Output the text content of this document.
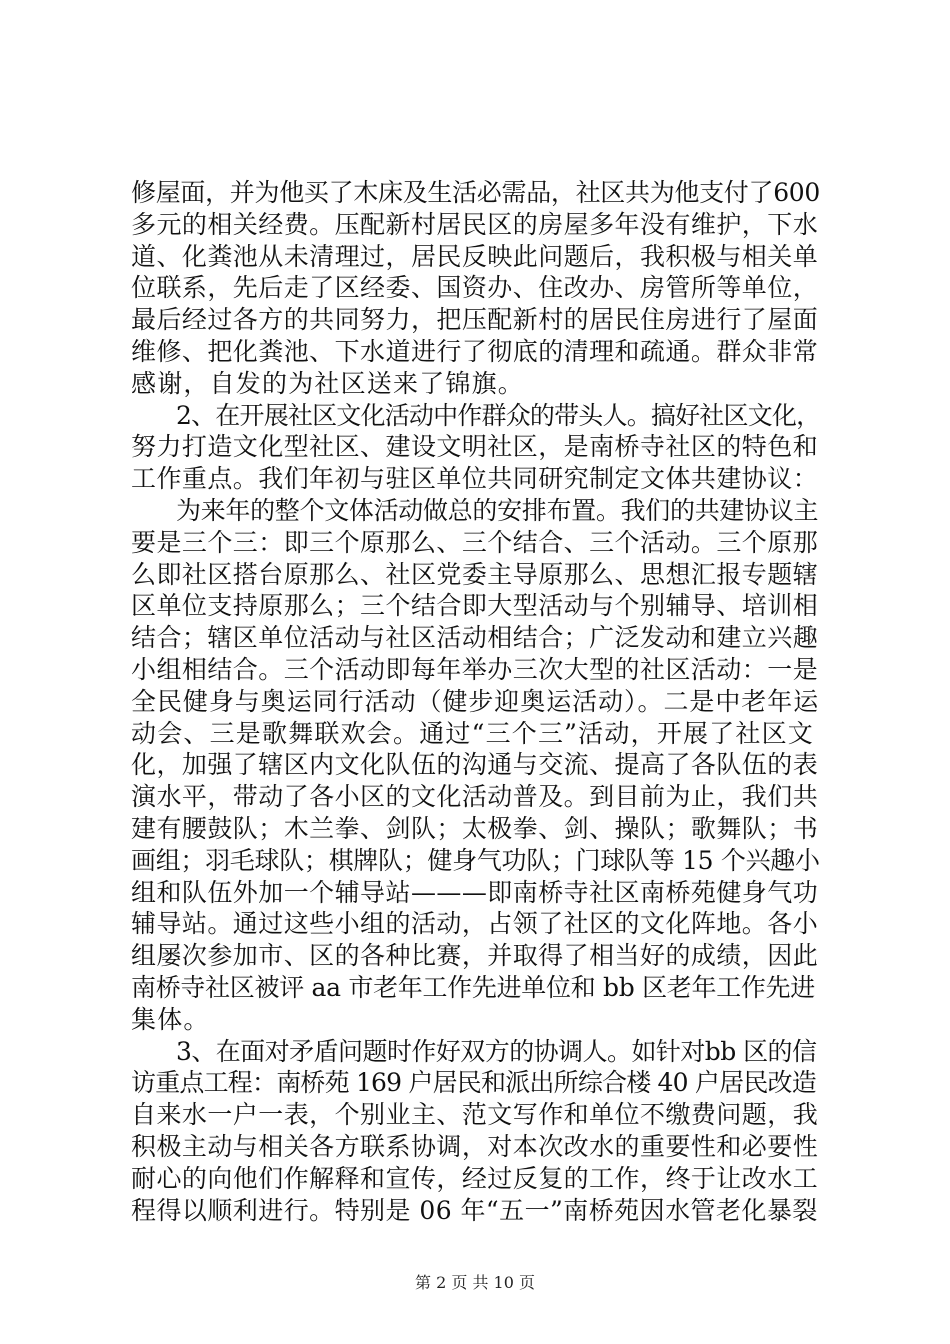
修屋面，并为他买了木床及生活必需品，社区共为他支付了600
多元的相关经费。压配新村居民区的房屋多年没有维护，下水
道、化粪池从未清理过，居民反映此问题后，我积极与相关单
位联系，先后走了区经委、国资办、住改办、房管所等单位，
最后经过各方的共同努力，把压配新村的居民住房进行了屋面
维修、把化粪池、下水道进行了彻底的清理和疏通。群众非常
感谢，自发的为社区送来了锦旗。
2、在开展社区文化活动中作群众的带头人。搞好社区文化，
努力打造文化型社区、建设文明社区，是南桥寺社区的特色和
工作重点。我们年初与驻区单位共同研究制定文体共建协议：
为来年的整个文体活动做总的安排布置。我们的共建协议主
要是三个三：即三个原那么、三个结合、三个活动。三个原那
么即社区搭台原那么、社区党委主导原那么、思想汇报专题辖
区单位支持原那么；三个结合即大型活动与个别辅导、培训相
结合；辖区单位活动与社区活动相结合；广泛发动和建立兴趣
小组相结合。三个活动即每年举办三次大型的社区活动：一是
全民健身与奥运同行活动（健步迎奥运活动）。二是中老年运
动会、三是歌舞联欢会。通过“三个三”活动，开展了社区文
化，加强了辖区内文化队伍的沟通与交流、提高了各队伍的表
演水平，带动了各小区的文化活动普及。到目前为止，我们共
建有腰鼓队；木兰拳、剑队；太极拳、剑、操队；歌舞队；书
画组；羽毛球队；棋牌队；健身气功队；门球队等 15 个兴趣小
组和队伍外加一个辅导站———即南桥寺社区南桥苑健身气功
辅导站。通过这些小组的活动，占领了社区的文化阵地。各小
组屡次参加市、区的各种比赛，并取得了相当好的成绩，因此
南桥寺社区被评 aa 市老年工作先进单位和 bb 区老年工作先进
集体。
3、在面对矛盾问题时作好双方的协调人。如针对bb 区的信
访重点工程：南桥苑 169 户居民和派出所综合楼 40 户居民改造
自来水一户一表，个别业主、范文写作和单位不缴费问题，我
积极主动与相关各方联系协调，对本次改水的重要性和必要性
耐心的向他们作解释和宣传，经过反复的工作，终于让改水工
程得以顺利进行。特别是 06 年“五一”南桥苑因水管老化暴裂
第 2 页 共 10 页
